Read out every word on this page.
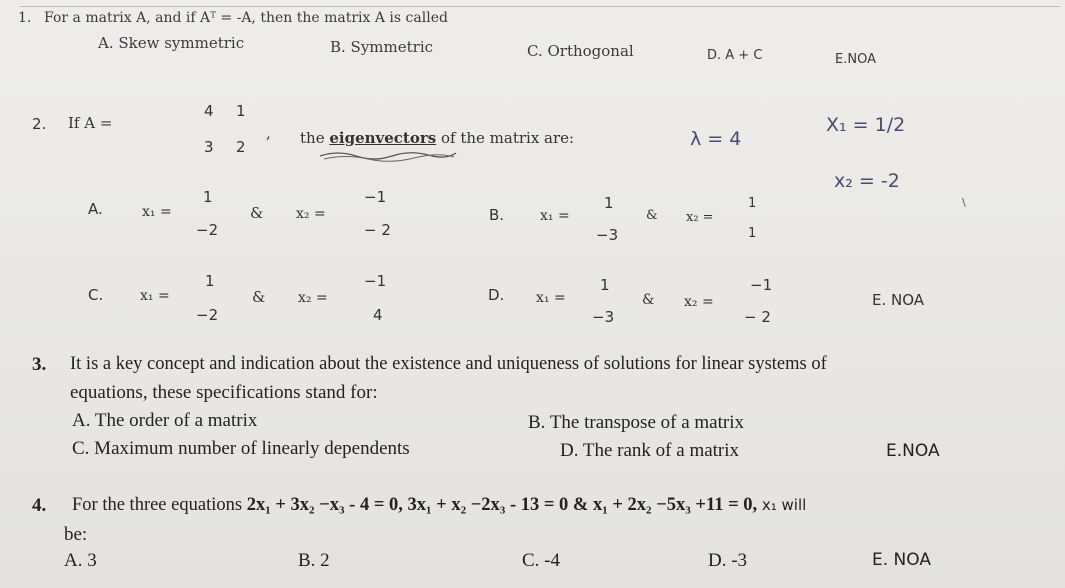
1. For a matrix A, and if Aᵀ = -A, then the matrix A is called
A. Skew symmetric	B. Symmetric	C. Orthogonal	D. A + C	E.NOA
2. If A =
4 1
3 2
, the eigenvectors of the matrix are:	λ = 4
X₁ = 1/2
x₂ = -2
\
A.	x₁ =
1
−2
& x₂ =
−1
− 2
B.	x₁ =
1
−3
& x₂ =
1
1
C.	x₁ =
1
−2
& x₂ =
−1
4
D. x₁ =
1
−3
& x₂ =
−1
− 2
E. NOA
3. It is a key concept and indication about the existence and uniqueness of solutions for linear systems of
equations, these specifications stand for:
A. The order of a matrix	B. The transpose of a matrix
C. Maximum number of linearly dependents	D. The rank of a matrix	E.NOA
4. For the three equations 2x₁ + 3x₂ −x₃ - 4 = 0, 3x₁ + x₂ −2x₃ - 13 = 0 & x₁ + 2x₂ −5x₃ +11 = 0, x₁ will
be:
A. 3	B. 2	C. -4	D. -3	E. NOA
